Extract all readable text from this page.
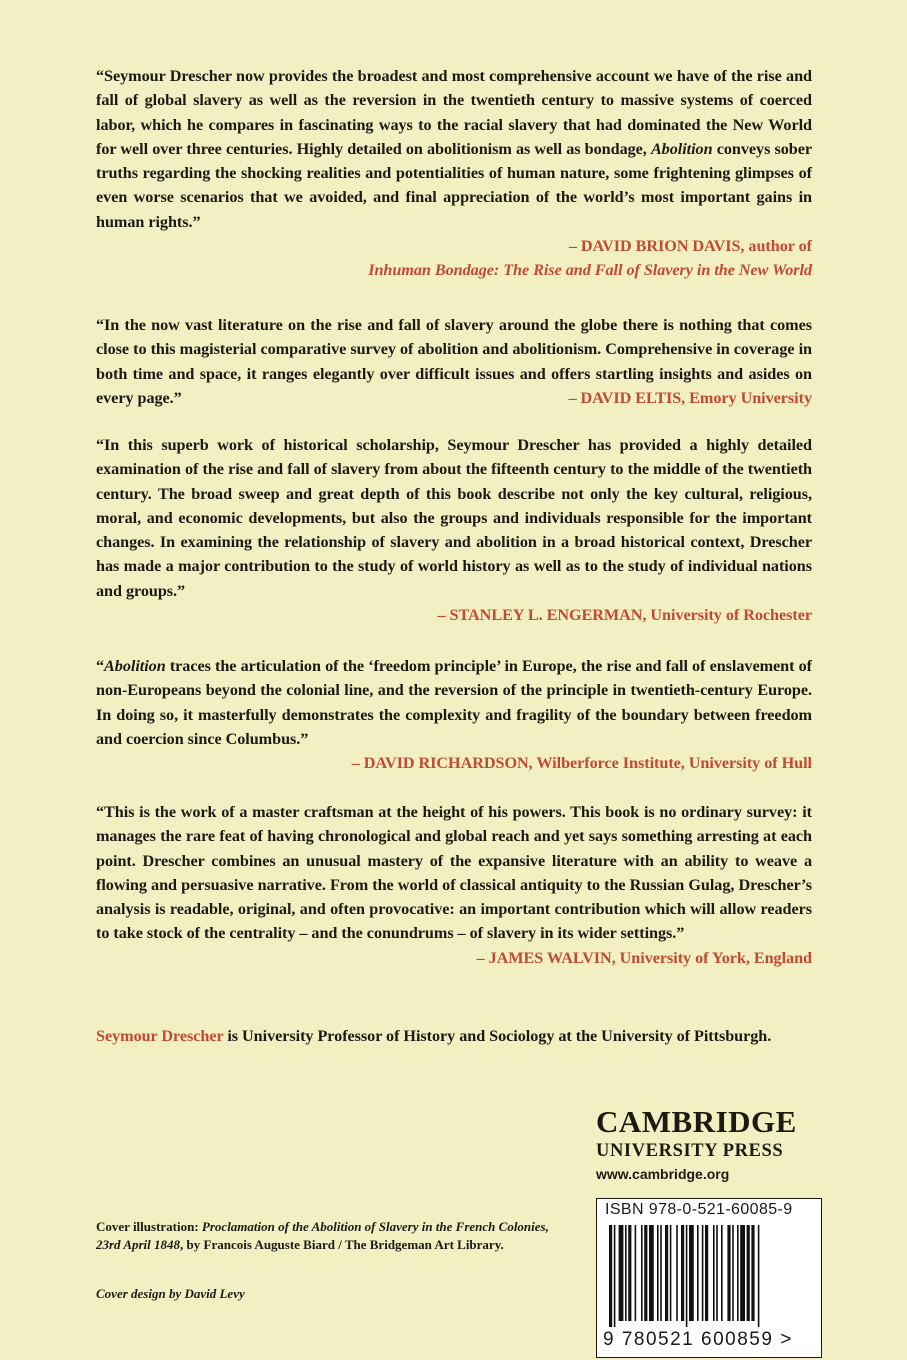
“Seymour Drescher now provides the broadest and most comprehensive account we have of the rise and fall of global slavery as well as the reversion in the twentieth century to massive systems of coerced labor, which he compares in fascinating ways to the racial slavery that had dominated the New World for well over three centuries. Highly detailed on abolitionism as well as bondage, Abolition conveys sober truths regarding the shocking realities and potentialities of human nature, some frightening glimpses of even worse scenarios that we avoided, and final appreciation of the world’s most important gains in human rights.”

– DAVID BRION DAVIS, author of

Inhuman Bondage: The Rise and Fall of Slavery in the New World

“In the now vast literature on the rise and fall of slavery around the globe there is nothing that comes close to this magisterial comparative survey of abolition and abolitionism. Comprehensive in coverage in both time and space, it ranges elegantly over difficult issues and offers startling insights and asides on every page.”	– DAVID ELTIS, Emory University

“In this superb work of historical scholarship, Seymour Drescher has provided a highly detailed examination of the rise and fall of slavery from about the fifteenth century to the middle of the twentieth century. The broad sweep and great depth of this book describe not only the key cultural, religious, moral, and economic developments, but also the groups and individuals responsible for the important changes. In examining the relationship of slavery and abolition in a broad historical context, Drescher has made a major contribution to the study of world history as well as to the study of individual nations and groups.”

– STANLEY L. ENGERMAN, University of Rochester

“Abolition traces the articulation of the ‘freedom principle’ in Europe, the rise and fall of enslavement of non-Europeans beyond the colonial line, and the reversion of the principle in twentieth-century Europe. In doing so, it masterfully demonstrates the complexity and fragility of the boundary between freedom and coercion since Columbus.”

– DAVID RICHARDSON, Wilberforce Institute, University of Hull

“This is the work of a master craftsman at the height of his powers. This book is no ordinary survey: it manages the rare feat of having chronological and global reach and yet says something arresting at each point. Drescher combines an unusual mastery of the expansive literature with an ability to weave a flowing and persuasive narrative. From the world of classical antiquity to the Russian Gulag, Drescher’s analysis is readable, original, and often provocative: an important contribution which will allow readers to take stock of the centrality – and the conundrums – of slavery in its wider settings.”

– JAMES WALVIN, University of York, England

Seymour Drescher is University Professor of History and Sociology at the University of Pittsburgh.

CAMBRIDGE
UNIVERSITY PRESS
www.cambridge.org
ISBN 978-0-521-60085-9
9 780521 600859 >

Cover illustration: Proclamation of the Abolition of Slavery in the French Colonies, 23rd April 1848, by Francois Auguste Biard / The Bridgeman Art Library.

Cover design by David Levy
